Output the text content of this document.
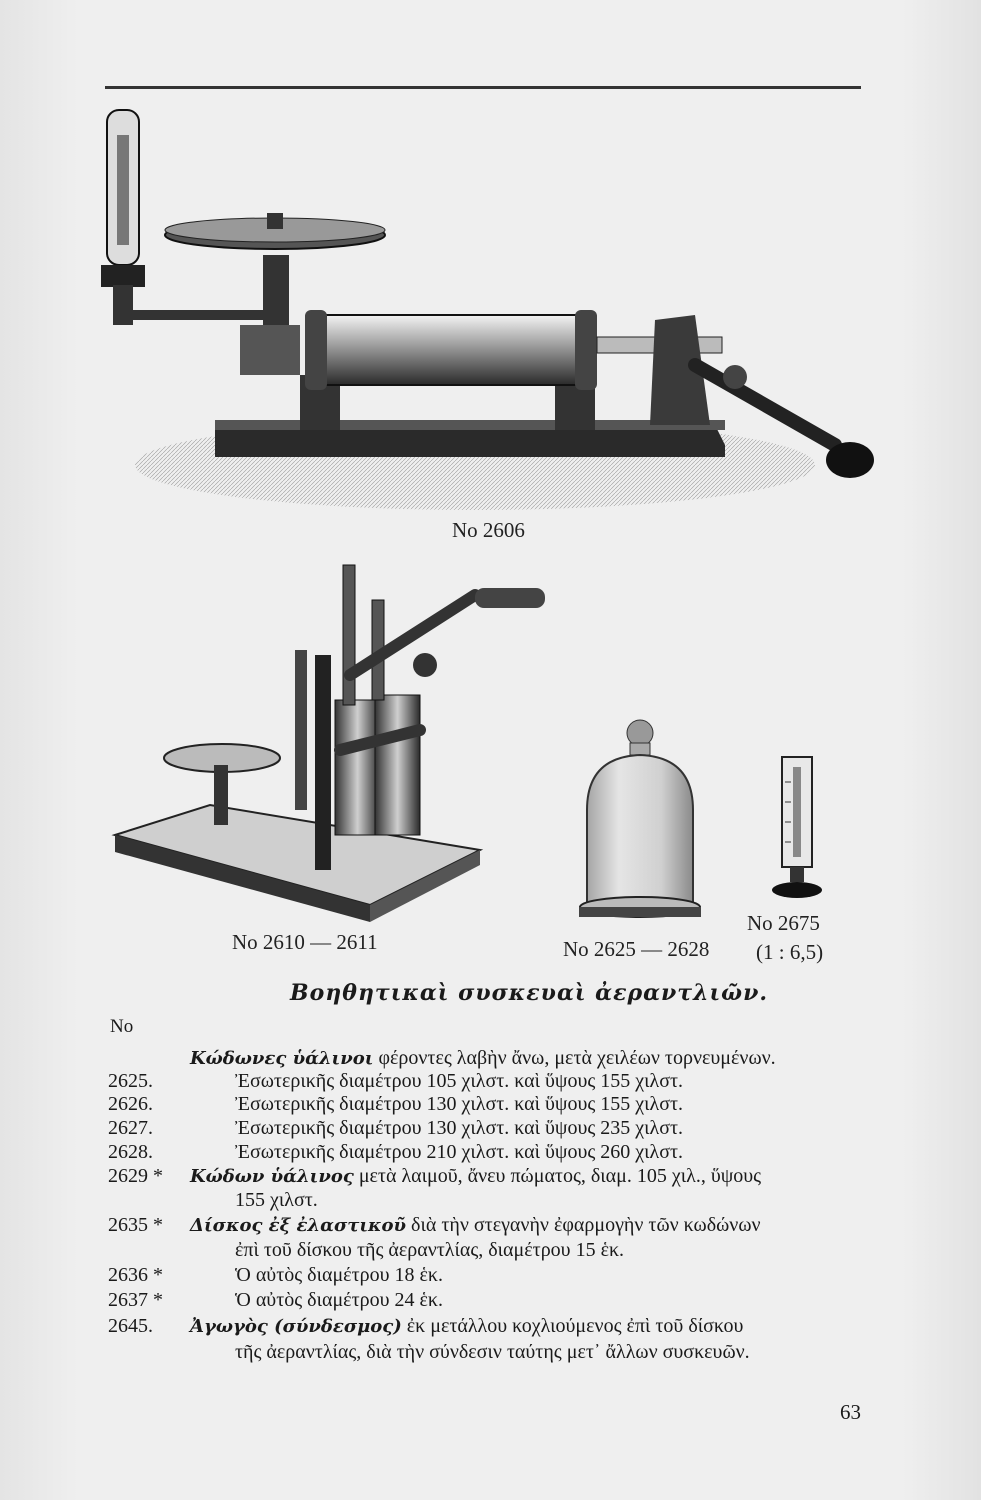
No 2606
No 2610 — 2611	No 2625 — 2628
No 2675
(1 : 6,5)
Βοηθητικαὶ συσκευαὶ ἀεραντλιῶν.
No
Κώδωνες ὑάλινοι φέροντες λαβὴν ἄνω, μετὰ χειλέων τορνευμένων.
2625.	Ἐσωτερικῆς διαμέτρου 105 χιλστ. καὶ ὕψους 155 χιλστ.
2626.	Ἐσωτερικῆς διαμέτρου 130 χιλστ. καὶ ὕψους 155 χιλστ.
2627.	Ἐσωτερικῆς διαμέτρου 130 χιλστ. καὶ ὕψους 235 χιλστ.
2628.	Ἐσωτερικῆς διαμέτρου 210 χιλστ. καὶ ὕψους 260 χιλστ.
2629 * Κώδων ὑάλινος μετὰ λαιμοῦ, ἄνευ πώματος, διαμ. 105 χιλ., ὕψους
155 χιλστ.
2635 * Δίσκος ἐξ ἐλαστικοῦ διὰ τὴν στεγανὴν ἐφαρμογὴν τῶν κωδώνων
ἐπὶ τοῦ δίσκου τῆς ἀεραντλίας, διαμέτρου 15 ἑκ.
2636 *	Ὁ αὐτὸς διαμέτρου 18 ἑκ.
2637 *	Ὁ αὐτὸς διαμέτρου 24 ἑκ.
2645. Ἀγωγὸς (σύνδεσμος) ἐκ μετάλλου κοχλιούμενος ἐπὶ τοῦ δίσκου
τῆς ἀεραντλίας, διὰ τὴν σύνδεσιν ταύτης μετ᾽ ἄλλων συσκευῶν.
63
